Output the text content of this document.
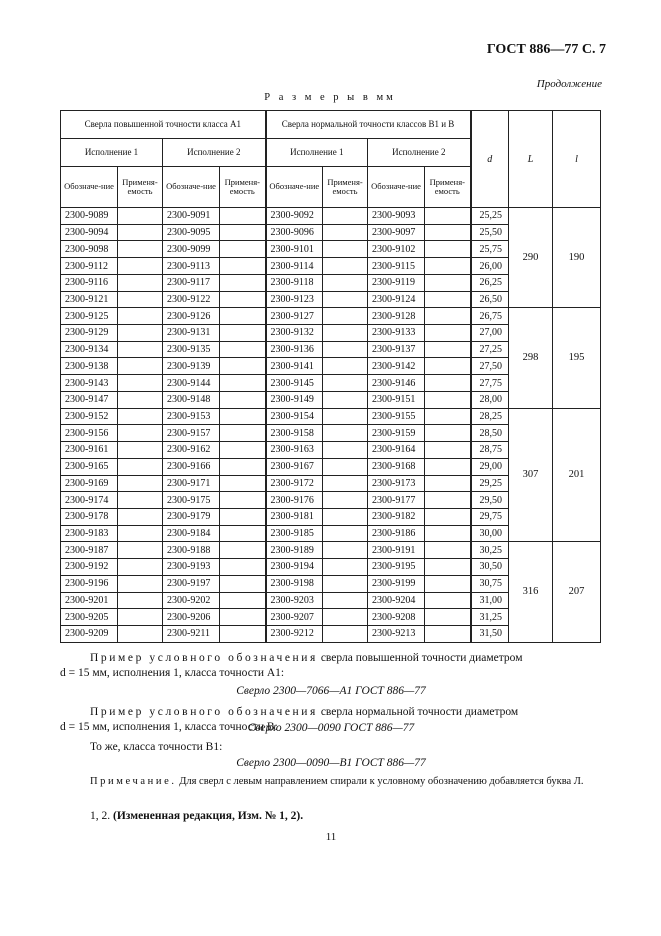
ГОСТ 886—77 С. 7
Продолжение
Р а з м е р ы в мм
Сверла повышенной точности класса А1				Сверла нормальной точности классов В1 и В				d	L	l
Исполнение 1		Исполнение 2		Исполнение 1		Исполнение 2				
Обозначе-ние	Применя-емость	Обозначе-ние	Применя-емость	Обозначе-ние	Применя-емость	Обозначе-ние	Применя-емость			
2300-9089		2300-9091		2300-9092		2300-9093		25,25	290	190
2300-9094		2300-9095		2300-9096		2300-9097		25,50		
2300-9098		2300-9099		2300-9101		2300-9102		25,75		
2300-9112		2300-9113		2300-9114		2300-9115		26,00		
2300-9116		2300-9117		2300-9118		2300-9119		26,25		
2300-9121		2300-9122		2300-9123		2300-9124		26,50		
2300-9125		2300-9126		2300-9127		2300-9128		26,75	298	195
2300-9129		2300-9131		2300-9132		2300-9133		27,00		
2300-9134		2300-9135		2300-9136		2300-9137		27,25		
2300-9138		2300-9139		2300-9141		2300-9142		27,50		
2300-9143		2300-9144		2300-9145		2300-9146		27,75		
2300-9147		2300-9148		2300-9149		2300-9151		28,00		
2300-9152		2300-9153		2300-9154		2300-9155		28,25	307	201
2300-9156		2300-9157		2300-9158		2300-9159		28,50		
2300-9161		2300-9162		2300-9163		2300-9164		28,75		
2300-9165		2300-9166		2300-9167		2300-9168		29,00		
2300-9169		2300-9171		2300-9172		2300-9173		29,25		
2300-9174		2300-9175		2300-9176		2300-9177		29,50		
2300-9178		2300-9179		2300-9181		2300-9182		29,75		
2300-9183		2300-9184		2300-9185		2300-9186		30,00		
2300-9187		2300-9188		2300-9189		2300-9191		30,25	316	207
2300-9192		2300-9193		2300-9194		2300-9195		30,50		
2300-9196		2300-9197		2300-9198		2300-9199		30,75		
2300-9201		2300-9202		2300-9203		2300-9204		31,00		
2300-9205		2300-9206		2300-9207		2300-9208		31,25		
2300-9209		2300-9211		2300-9212		2300-9213		31,50		
Пример условного обозначения сверла повышенной точности диаметром
d = 15 мм, исполнения 1, класса точности А1:
Сверло 2300—7066—А1 ГОСТ 886—77
Пример условного обозначения сверла нормальной точности диаметром
d = 15 мм, исполнения 1, класса точности В:
Сверло 2300—0090 ГОСТ 886—77
То же, класса точности В1:
Сверло 2300—0090—В1 ГОСТ 886—77
Примечание. Для сверл с левым направлением спирали к условному обозначению добавляется буква Л.
1, 2. (Измененная редакция, Изм. № 1, 2).
11
